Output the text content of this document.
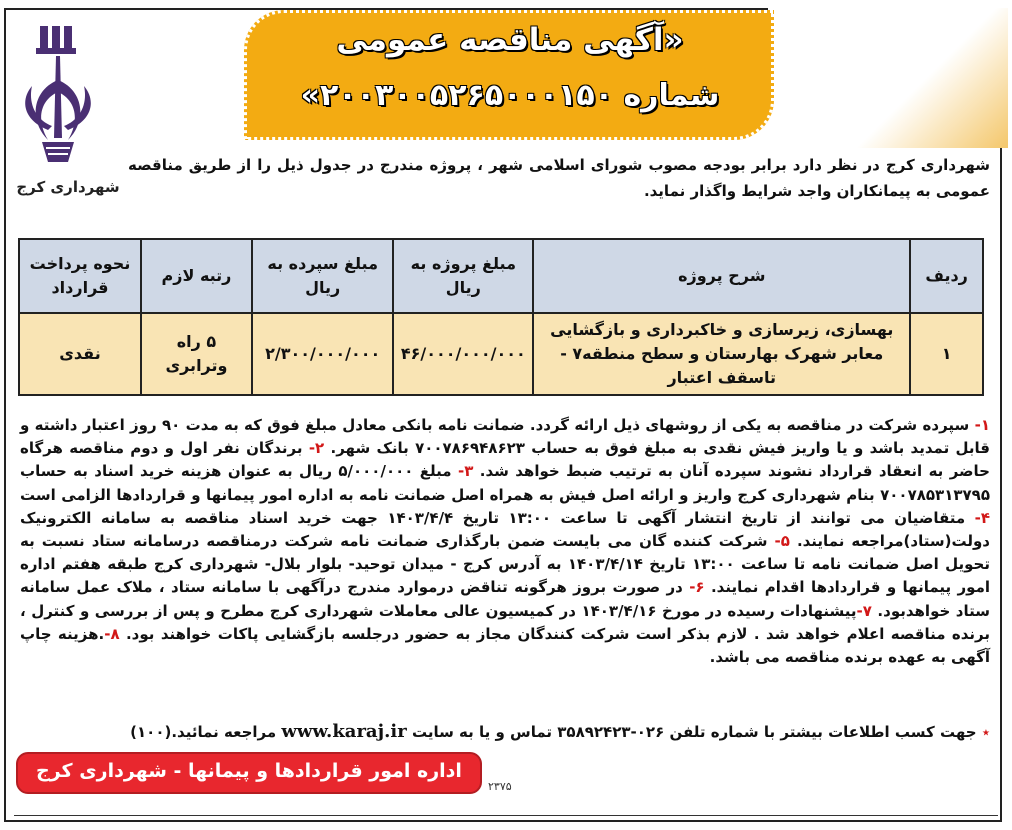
«آگهی مناقصه عمومی
شماره ۲۰۰۳۰۰۵۲۶۵۰۰۰۱۵۰»
شهرداری کرج
شهرداری کرج در نظر دارد برابر بودجه مصوب شورای اسلامی شهر ، پروژه مندرج در جدول ذیل را از طریق مناقصه عمومی به پیمانکاران واجد شرایط واگذار نماید.
ردیف	شرح پروژه	مبلغ پروژه به ریال	مبلغ سپرده به ریال	رتبه لازم	نحوه پرداخت قرارداد
۱	بهسازی، زیرسازی و خاکبرداری و بازگشایی معابر شهرک بهارستان و سطح منطقه۷ - تاسقف اعتبار	۴۶/۰۰۰/۰۰۰/۰۰۰	۲/۳۰۰/۰۰۰/۰۰۰	۵ راه وترابری	نقدی
۱- سپرده شرکت در مناقصه به یکی از روشهای ذیل ارائه گردد. ضمانت نامه بانکی معادل مبلغ فوق که به مدت ۹۰ روز اعتبار داشته و قابل تمدید باشد و یا واریز فیش نقدی به مبلغ فوق به حساب ۷۰۰۷۸۶۹۴۸۶۲۳ بانک شهر. ۲- برندگان نفر اول و دوم مناقصه هرگاه حاضر به انعقاد قرارداد نشوند سپرده آنان به ترتیب ضبط خواهد شد. ۳- مبلغ ۵/۰۰۰/۰۰۰ ریال به عنوان هزینه خرید اسناد به حساب ۷۰۰۷۸۵۳۱۳۷۹۵ بنام شهرداری کرج واریز و ارائه اصل فیش به همراه اصل ضمانت نامه به اداره امور پیمانها و قراردادها الزامی است ۴- متقاضیان می توانند از تاریخ انتشار آگهی تا ساعت ۱۳:۰۰ تاریخ ۱۴۰۳/۴/۴ جهت خرید اسناد مناقصه به سامانه الکترونیک دولت(ستاد)مراجعه نمایند. ۵- شرکت کننده گان می بایست ضمن بارگذاری ضمانت نامه شرکت درمناقصه درسامانه ستاد نسبت به تحویل اصل ضمانت نامه تا ساعت ۱۳:۰۰ تاریخ ۱۴۰۳/۴/۱۴ به آدرس کرج - میدان توحید- بلوار بلال- شهرداری کرج طبقه هفتم اداره امور پیمانها و قراردادها اقدام نمایند. ۶- در صورت بروز هرگونه تناقض درموارد مندرج درآگهی با سامانه ستاد ، ملاک عمل سامانه ستاد خواهدبود. ۷-پیشنهادات رسیده در مورخ ۱۴۰۳/۴/۱۶ در کمیسیون عالی معاملات شهرداری کرج مطرح و پس از بررسی و کنترل ، برنده مناقصه اعلام خواهد شد . لازم بذکر است شرکت کنندگان مجاز به حضور درجلسه بازگشایی پاکات خواهند بود. ۸-.هزینه چاپ آگهی به عهده برنده مناقصه می باشد.
٭ جهت کسب اطلاعات بیشتر با شماره تلفن ۰۲۶-۳۵۸۹۲۴۲۳ تماس و یا به سایت www.karaj.ir مراجعه نمائید.(۱۰۰)
اداره امور قراردادها و پیمانها - شهرداری کرج
۲۳۷۵
